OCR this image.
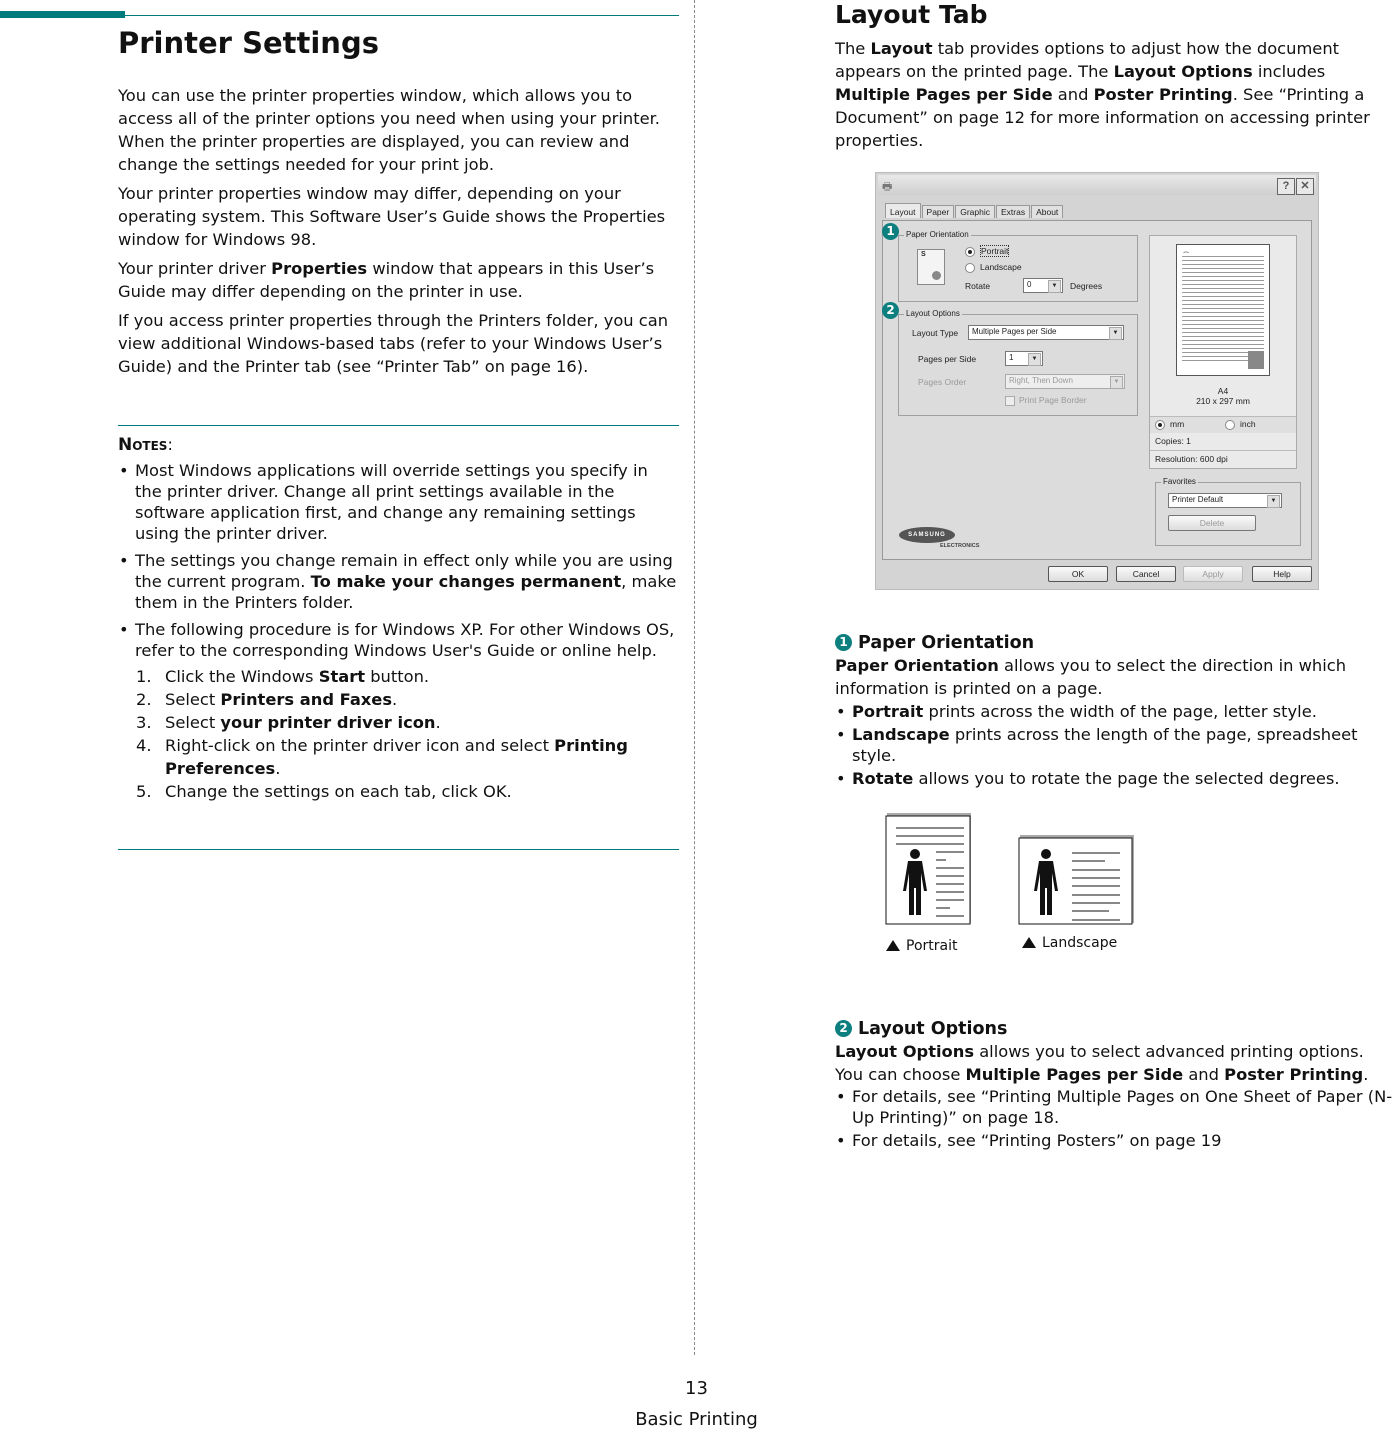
Printer Settings

You can use the printer properties window, which allows you to access all of the printer options you need when using your printer. When the printer properties are displayed, you can review and change the settings needed for your print job.

Your printer properties window may differ, depending on your operating system. This Software User’s Guide shows the Properties window for Windows 98.

Your printer driver Properties window that appears in this User’s Guide may differ depending on the printer in use.

If you access printer properties through the Printers folder, you can view additional Windows-based tabs (refer to your Windows User’s Guide) and the Printer tab (see “Printer Tab” on page 16).

Notes:
• Most Windows applications will override settings you specify in the printer driver. Change all print settings available in the software application first, and change any remaining settings using the printer driver.
• The settings you change remain in effect only while you are using the current program. To make your changes permanent, make them in the Printers folder.
• The following procedure is for Windows XP. For other Windows OS, refer to the corresponding Windows User's Guide or online help.
1. Click the Windows Start button.
2. Select Printers and Faxes.
3. Select your printer driver icon.
4. Right-click on the printer driver icon and select Printing Preferences.
5. Change the settings on each tab, click OK.
Layout Tab

The Layout tab provides options to adjust how the document appears on the printed page. The Layout Options includes Multiple Pages per Side and Poster Printing. See “Printing a Document” on page 12 for more information on accessing printer properties.

🖶	?	✕
Layout	Paper	Graphic	Extras	About
Paper Orientation
S	Portrait
Landscape
Rotate	0	▼	Degrees
Layout Options
Layout Type	Multiple Pages per Side	▼
Pages per Side	1	▼
Pages Order	Right, Then Down	▼
Print Page Border
A4
210 x 297 mm
mm	inch
Copies: 1
Resolution: 600 dpi
Favorites
Printer Default	▼
Delete
SAMSUNG
ELECTRONICS
OK	Cancel	Apply	Help
1
2
1 Paper Orientation

Paper Orientation allows you to select the direction in which information is printed on a page.

• Portrait prints across the width of the page, letter style.
• Landscape prints across the length of the page, spreadsheet style.
• Rotate allows you to rotate the page the selected degrees.
Portrait	Landscape
2 Layout Options

Layout Options allows you to select advanced printing options.

You can choose Multiple Pages per Side and Poster Printing.

• For details, see “Printing Multiple Pages on One Sheet of Paper (N-Up Printing)” on page 18.
• For details, see “Printing Posters” on page 19
13
Basic Printing
